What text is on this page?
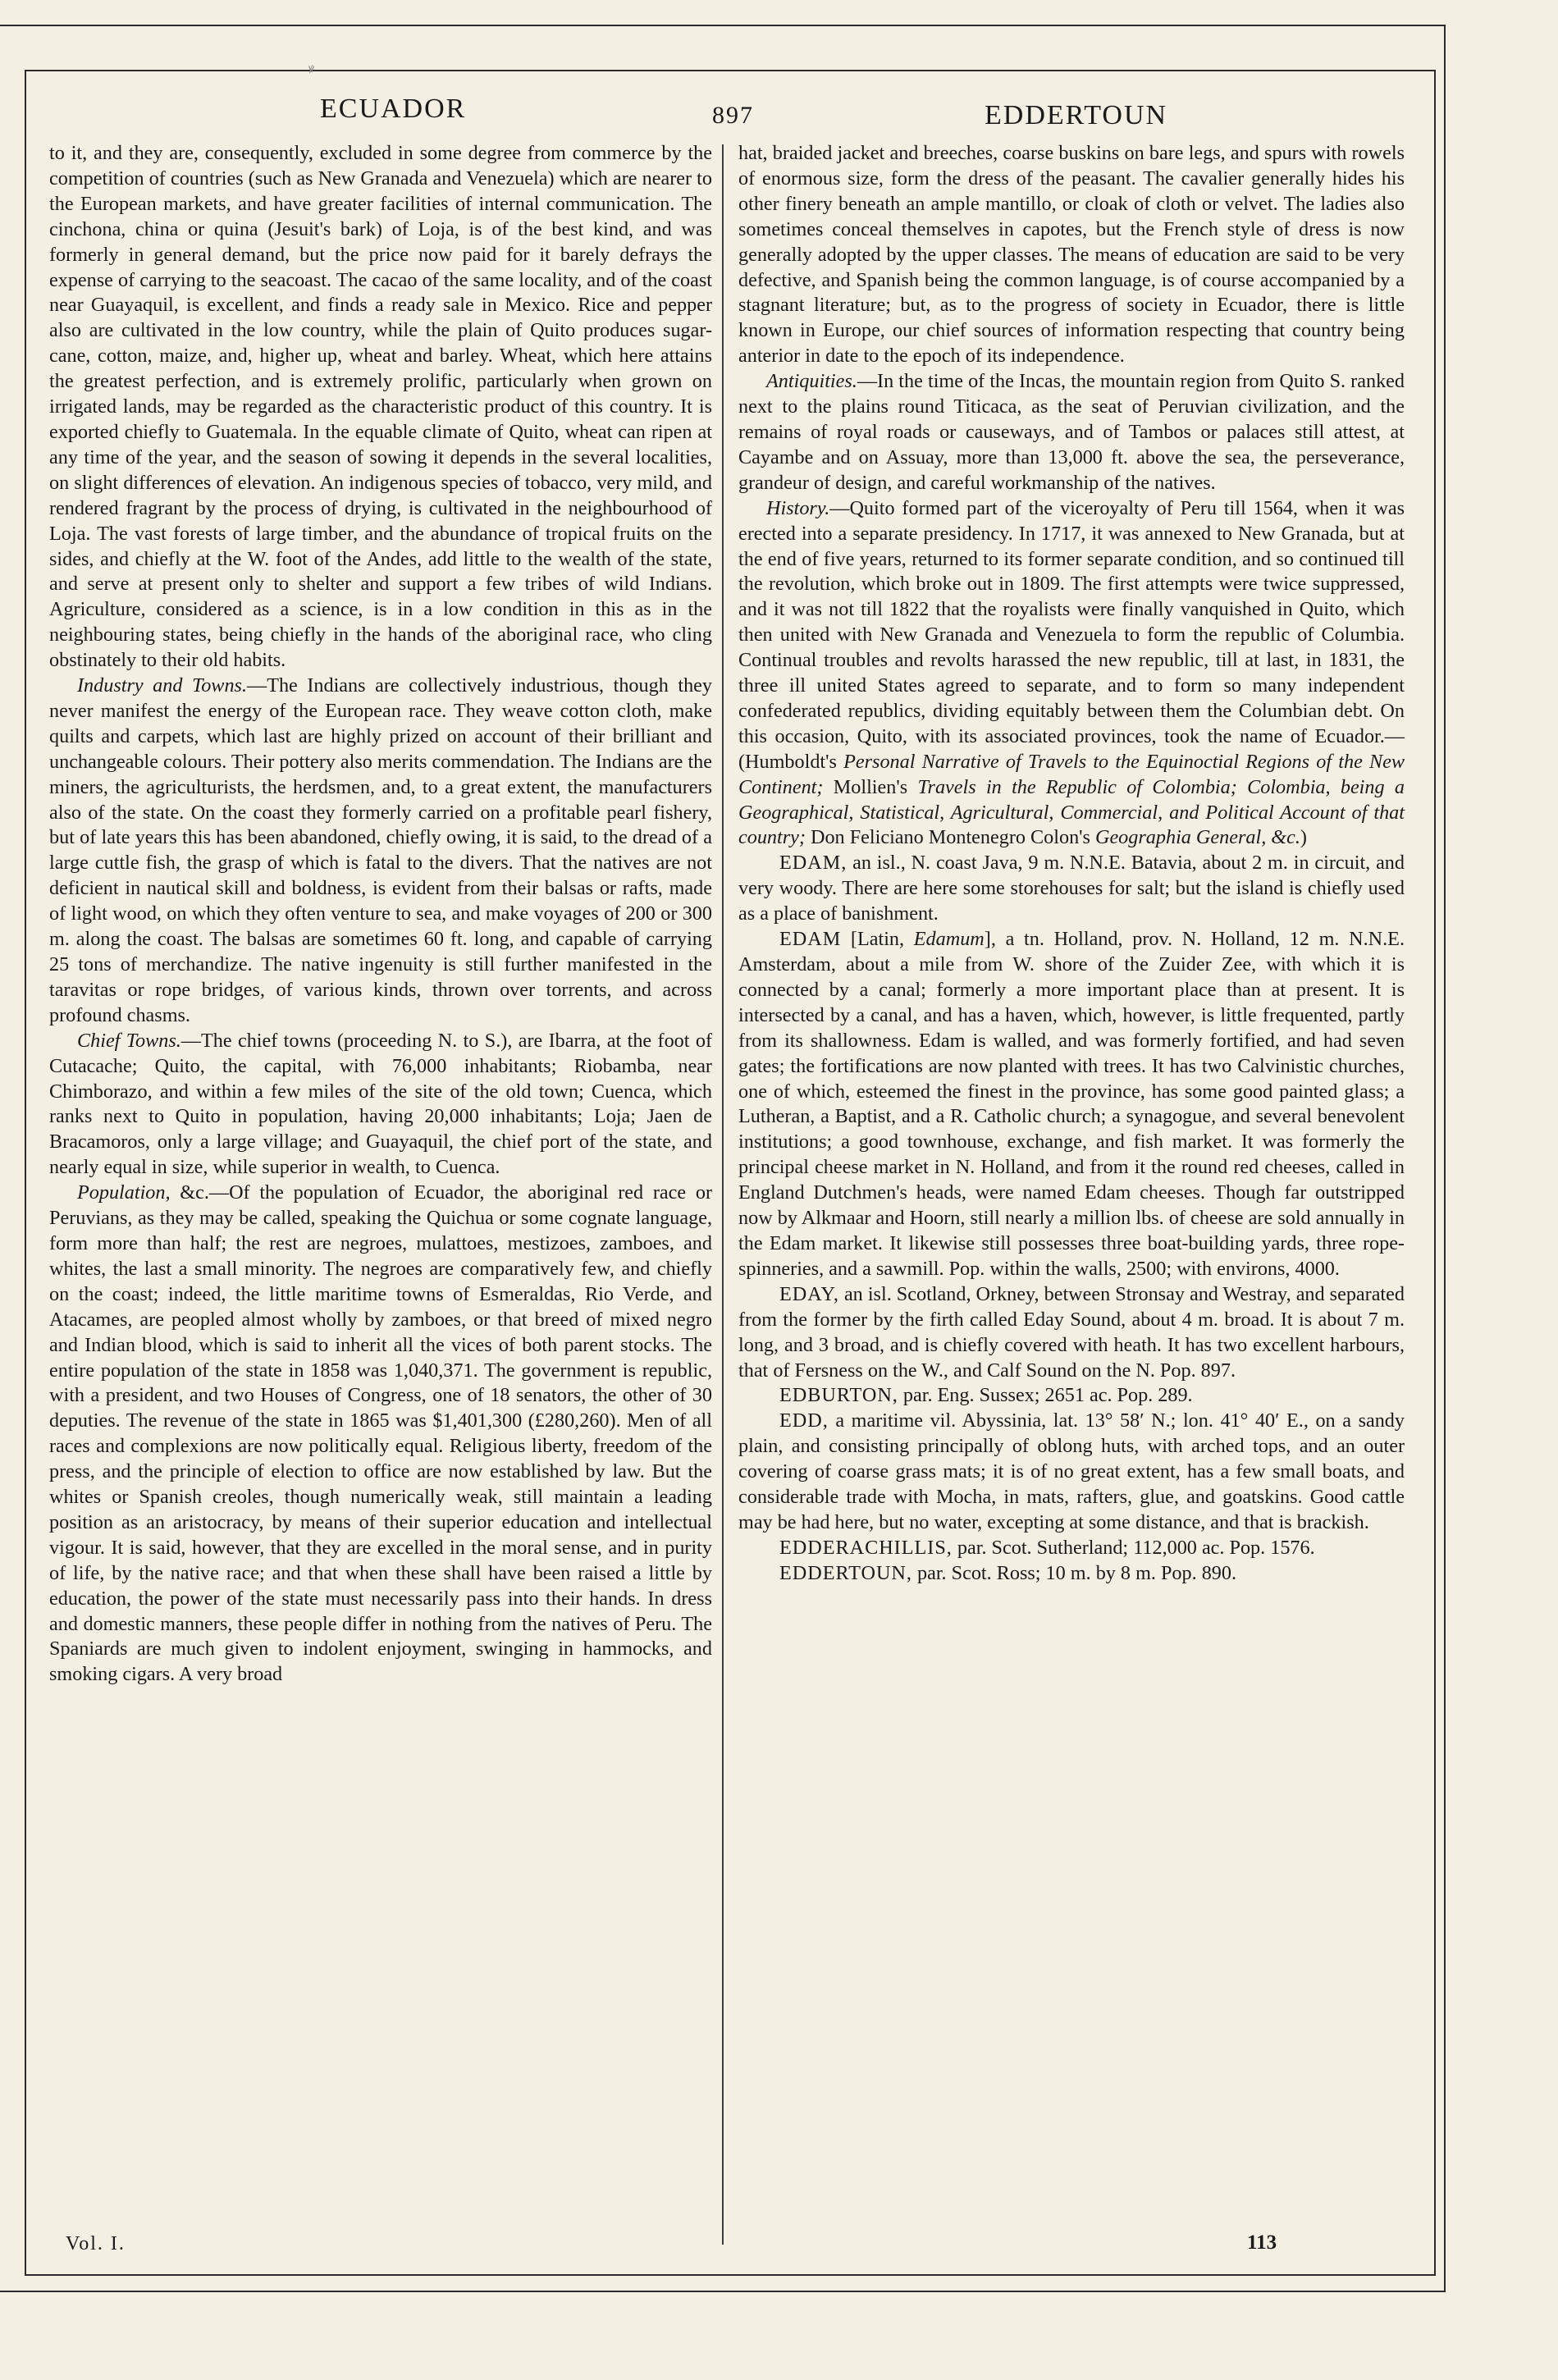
ꝟ
ECUADOR	897	EDDERTOUN

to it, and they are, consequently, excluded in some degree from commerce by the competition of countries (such as New Granada and Venezuela) which are nearer to the European markets, and have greater facilities of internal communication. The cinchona, china or quina (Jesuit's bark) of Loja, is of the best kind, and was formerly in general demand, but the price now paid for it barely defrays the expense of carrying to the seacoast. The cacao of the same locality, and of the coast near Guayaquil, is excellent, and finds a ready sale in Mexico. Rice and pepper also are cultivated in the low country, while the plain of Quito produces sugar-cane, cotton, maize, and, higher up, wheat and barley. Wheat, which here attains the greatest perfection, and is extremely prolific, particularly when grown on irrigated lands, may be regarded as the characteristic product of this country. It is exported chiefly to Guatemala. In the equable climate of Quito, wheat can ripen at any time of the year, and the season of sowing it depends in the several localities, on slight differences of elevation. An indigenous species of tobacco, very mild, and rendered fragrant by the process of drying, is cultivated in the neighbourhood of Loja. The vast forests of large timber, and the abundance of tropical fruits on the sides, and chiefly at the W. foot of the Andes, add little to the wealth of the state, and serve at present only to shelter and support a few tribes of wild Indians. Agriculture, considered as a science, is in a low condition in this as in the neighbouring states, being chiefly in the hands of the aboriginal race, who cling obstinately to their old habits.

Industry and Towns.—The Indians are collectively industrious, though they never manifest the energy of the European race. They weave cotton cloth, make quilts and carpets, which last are highly prized on account of their brilliant and unchangeable colours. Their pottery also merits commendation. The Indians are the miners, the agriculturists, the herdsmen, and, to a great extent, the manufacturers also of the state. On the coast they formerly carried on a profitable pearl fishery, but of late years this has been abandoned, chiefly owing, it is said, to the dread of a large cuttle fish, the grasp of which is fatal to the divers. That the natives are not deficient in nautical skill and boldness, is evident from their balsas or rafts, made of light wood, on which they often venture to sea, and make voyages of 200 or 300 m. along the coast. The balsas are sometimes 60 ft. long, and capable of carrying 25 tons of merchandize. The native ingenuity is still further manifested in the taravitas or rope bridges, of various kinds, thrown over torrents, and across profound chasms.

Chief Towns.—The chief towns (proceeding N. to S.), are Ibarra, at the foot of Cutacache; Quito, the capital, with 76,000 inhabitants; Riobamba, near Chimborazo, and within a few miles of the site of the old town; Cuenca, which ranks next to Quito in population, having 20,000 inhabitants; Loja; Jaen de Bracamoros, only a large village; and Guayaquil, the chief port of the state, and nearly equal in size, while superior in wealth, to Cuenca.

Population, &c.—Of the population of Ecuador, the aboriginal red race or Peruvians, as they may be called, speaking the Quichua or some cognate language, form more than half; the rest are negroes, mulattoes, mestizoes, zamboes, and whites, the last a small minority. The negroes are comparatively few, and chiefly on the coast; indeed, the little maritime towns of Esmeraldas, Rio Verde, and Atacames, are peopled almost wholly by zamboes, or that breed of mixed negro and Indian blood, which is said to inherit all the vices of both parent stocks. The entire population of the state in 1858 was 1,040,371. The government is republic, with a president, and two Houses of Congress, one of 18 senators, the other of 30 deputies. The revenue of the state in 1865 was $1,401,300 (£280,260). Men of all races and complexions are now politically equal. Religious liberty, freedom of the press, and the principle of election to office are now established by law. But the whites or Spanish creoles, though numerically weak, still maintain a leading position as an aristocracy, by means of their superior education and intellectual vigour. It is said, however, that they are excelled in the moral sense, and in purity of life, by the native race; and that when these shall have been raised a little by education, the power of the state must necessarily pass into their hands. In dress and domestic manners, these people differ in nothing from the natives of Peru. The Spaniards are much given to indolent enjoyment, swinging in hammocks, and smoking cigars. A very broad

hat, braided jacket and breeches, coarse buskins on bare legs, and spurs with rowels of enormous size, form the dress of the peasant. The cavalier generally hides his other finery beneath an ample mantillo, or cloak of cloth or velvet. The ladies also sometimes conceal themselves in capotes, but the French style of dress is now generally adopted by the upper classes. The means of education are said to be very defective, and Spanish being the common language, is of course accompanied by a stagnant literature; but, as to the progress of society in Ecuador, there is little known in Europe, our chief sources of information respecting that country being anterior in date to the epoch of its independence.

Antiquities.—In the time of the Incas, the mountain region from Quito S. ranked next to the plains round Titicaca, as the seat of Peruvian civilization, and the remains of royal roads or causeways, and of Tambos or palaces still attest, at Cayambe and on Assuay, more than 13,000 ft. above the sea, the perseverance, grandeur of design, and careful workmanship of the natives.

History.—Quito formed part of the viceroyalty of Peru till 1564, when it was erected into a separate presidency. In 1717, it was annexed to New Granada, but at the end of five years, returned to its former separate condition, and so continued till the revolution, which broke out in 1809. The first attempts were twice suppressed, and it was not till 1822 that the royalists were finally vanquished in Quito, which then united with New Granada and Venezuela to form the republic of Columbia. Continual troubles and revolts harassed the new republic, till at last, in 1831, the three ill united States agreed to separate, and to form so many independent confederated republics, dividing equitably between them the Columbian debt. On this occasion, Quito, with its associated provinces, took the name of Ecuador.—(Humboldt's Personal Narrative of Travels to the Equinoctial Regions of the New Continent; Mollien's Travels in the Republic of Colombia; Colombia, being a Geographical, Statistical, Agricultural, Commercial, and Political Account of that country; Don Feliciano Montenegro Colon's Geographia General, &c.)

EDAM, an isl., N. coast Java, 9 m. N.N.E. Batavia, about 2 m. in circuit, and very woody. There are here some storehouses for salt; but the island is chiefly used as a place of banishment.

EDAM [Latin, Edamum], a tn. Holland, prov. N. Holland, 12 m. N.N.E. Amsterdam, about a mile from W. shore of the Zuider Zee, with which it is connected by a canal; formerly a more important place than at present. It is intersected by a canal, and has a haven, which, however, is little frequented, partly from its shallowness. Edam is walled, and was formerly fortified, and had seven gates; the fortifications are now planted with trees. It has two Calvinistic churches, one of which, esteemed the finest in the province, has some good painted glass; a Lutheran, a Baptist, and a R. Catholic church; a synagogue, and several benevolent institutions; a good townhouse, exchange, and fish market. It was formerly the principal cheese market in N. Holland, and from it the round red cheeses, called in England Dutchmen's heads, were named Edam cheeses. Though far outstripped now by Alkmaar and Hoorn, still nearly a million lbs. of cheese are sold annually in the Edam market. It likewise still possesses three boat-building yards, three rope-spinneries, and a sawmill. Pop. within the walls, 2500; with environs, 4000.

EDAY, an isl. Scotland, Orkney, between Stronsay and Westray, and separated from the former by the firth called Eday Sound, about 4 m. broad. It is about 7 m. long, and 3 broad, and is chiefly covered with heath. It has two excellent harbours, that of Fersness on the W., and Calf Sound on the N. Pop. 897.

EDBURTON, par. Eng. Sussex; 2651 ac. Pop. 289.

EDD, a maritime vil. Abyssinia, lat. 13° 58′ N.; lon. 41° 40′ E., on a sandy plain, and consisting principally of oblong huts, with arched tops, and an outer covering of coarse grass mats; it is of no great extent, has a few small boats, and considerable trade with Mocha, in mats, rafters, glue, and goatskins. Good cattle may be had here, but no water, excepting at some distance, and that is brackish.

EDDERACHILLIS, par. Scot. Sutherland; 112,000 ac. Pop. 1576.

EDDERTOUN, par. Scot. Ross; 10 m. by 8 m. Pop. 890.

Vol. I.	113
